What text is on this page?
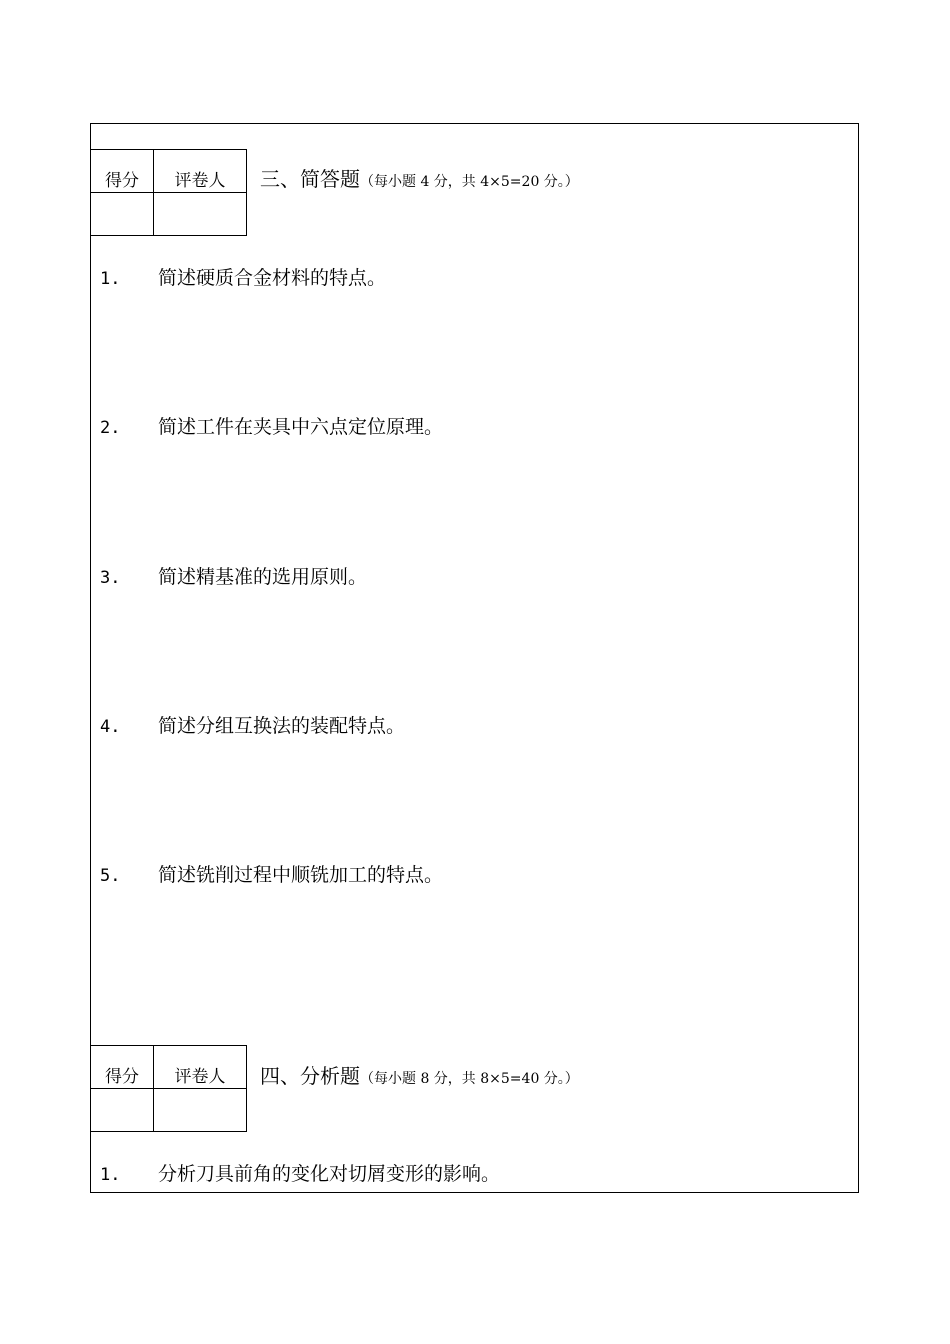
得分	评卷人
	三、简答题（每小题 4 分，共 4×5=20 分。）
1. 简述硬质合金材料的特点。
2. 简述工件在夹具中六点定位原理。
3. 简述精基准的选用原则。
4. 简述分组互换法的装配特点。
5. 简述铣削过程中顺铣加工的特点。
得分	评卷人
	四、分析题（每小题 8 分，共 8×5=40 分。）
1. 分析刀具前角的变化对切屑变形的影响。
